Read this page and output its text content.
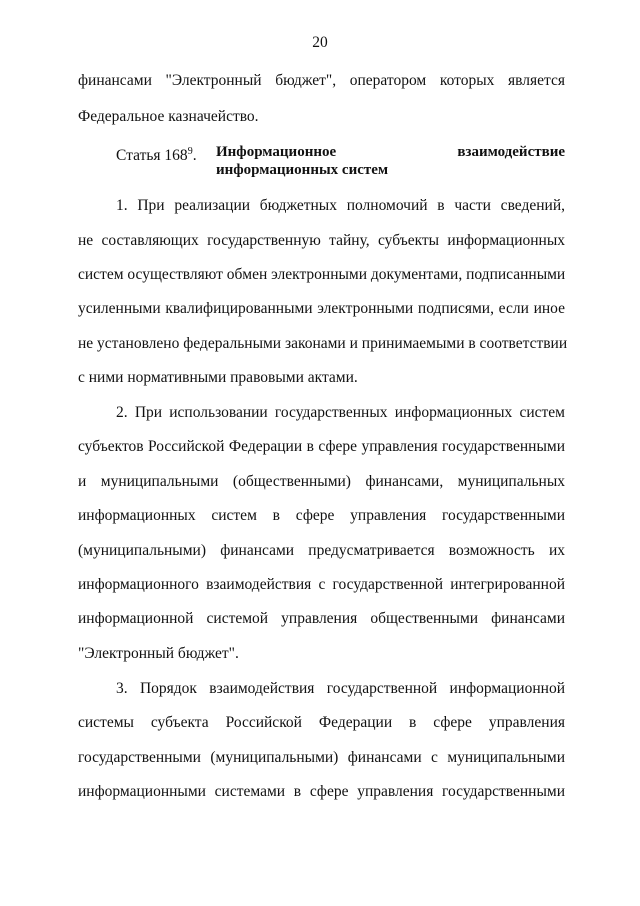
20
финансами "Электронный бюджет", оператором которых является
Федеральное казначейство.
Статья $168^9$. Информационное взаимодействие
информационных систем
1. При реализации бюджетных полномочий в части сведений,
не составляющих государственную тайну, субъекты информационных
систем осуществляют обмен электронными документами, подписанными
усиленными квалифицированными электронными подписями, если иное
не установлено федеральными законами и принимаемыми в соответствии
с ними нормативными правовыми актами.
2. При использовании государственных информационных систем
субъектов Российской Федерации в сфере управления государственными
и муниципальными (общественными) финансами, муниципальных
информационных систем в сфере управления государственными
(муниципальными) финансами предусматривается возможность их
информационного взаимодействия с государственной интегрированной
информационной системой управления общественными финансами
"Электронный бюджет".
3. Порядок взаимодействия государственной информационной
системы субъекта Российской Федерации в сфере управления
государственными (муниципальными) финансами с муниципальными
информационными системами в сфере управления государственными
